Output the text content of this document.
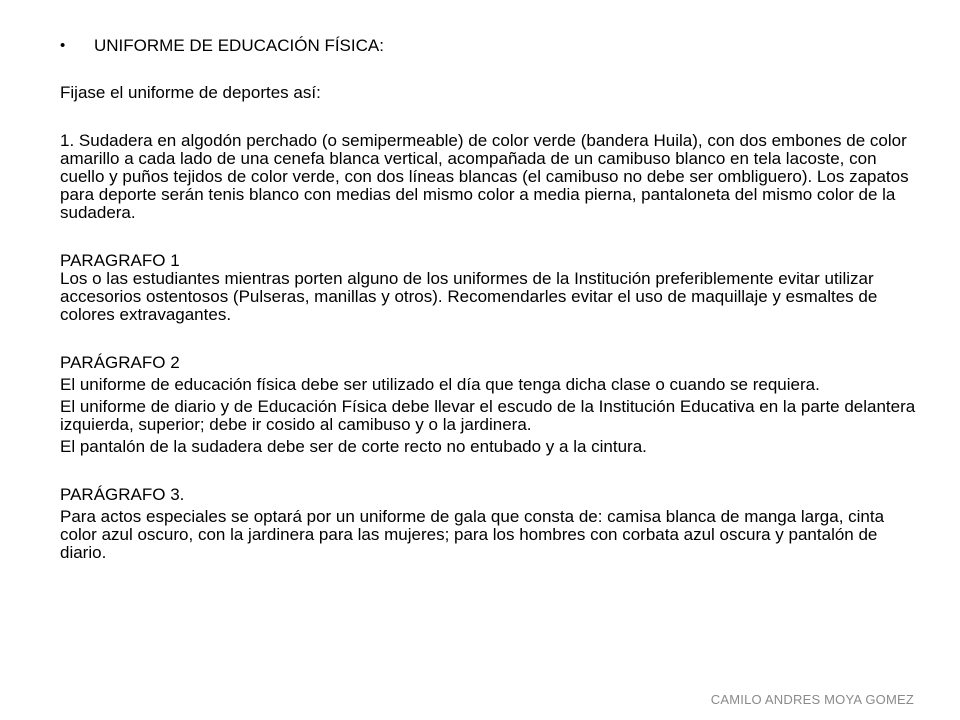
• UNIFORME DE EDUCACIÓN FÍSICA:

Fijase el uniforme de deportes así:

1. Sudadera en algodón perchado (o semipermeable) de color verde (bandera Huila), con dos embones de color amarillo a cada lado de una cenefa blanca vertical, acompañada de un camibuso blanco en tela lacoste, con cuello y puños tejidos de color verde, con dos líneas blancas (el camibuso no debe ser ombliguero). Los zapatos para deporte serán tenis blanco con medias del mismo color a media pierna, pantaloneta del mismo color de la sudadera.

PARAGRAFO 1

Los o las estudiantes mientras porten alguno de los uniformes de la Institución preferiblemente evitar utilizar accesorios ostentosos (Pulseras, manillas y otros). Recomendarles evitar el uso de maquillaje y esmaltes de colores extravagantes.

PARÁGRAFO 2

El uniforme de educación física debe ser utilizado el día que tenga dicha clase o cuando se requiera.

El uniforme de diario y de Educación Física debe llevar el escudo de la Institución Educativa en la parte delantera izquierda, superior; debe ir cosido al camibuso y o la jardinera.

El pantalón de la sudadera debe ser de corte recto no entubado y a la cintura.

PARÁGRAFO 3.

Para actos especiales se optará por un uniforme de gala que consta de: camisa blanca de manga larga, cinta color azul oscuro, con la jardinera para las mujeres; para los hombres con corbata azul oscura y pantalón de diario.

CAMILO ANDRES MOYA GOMEZ
